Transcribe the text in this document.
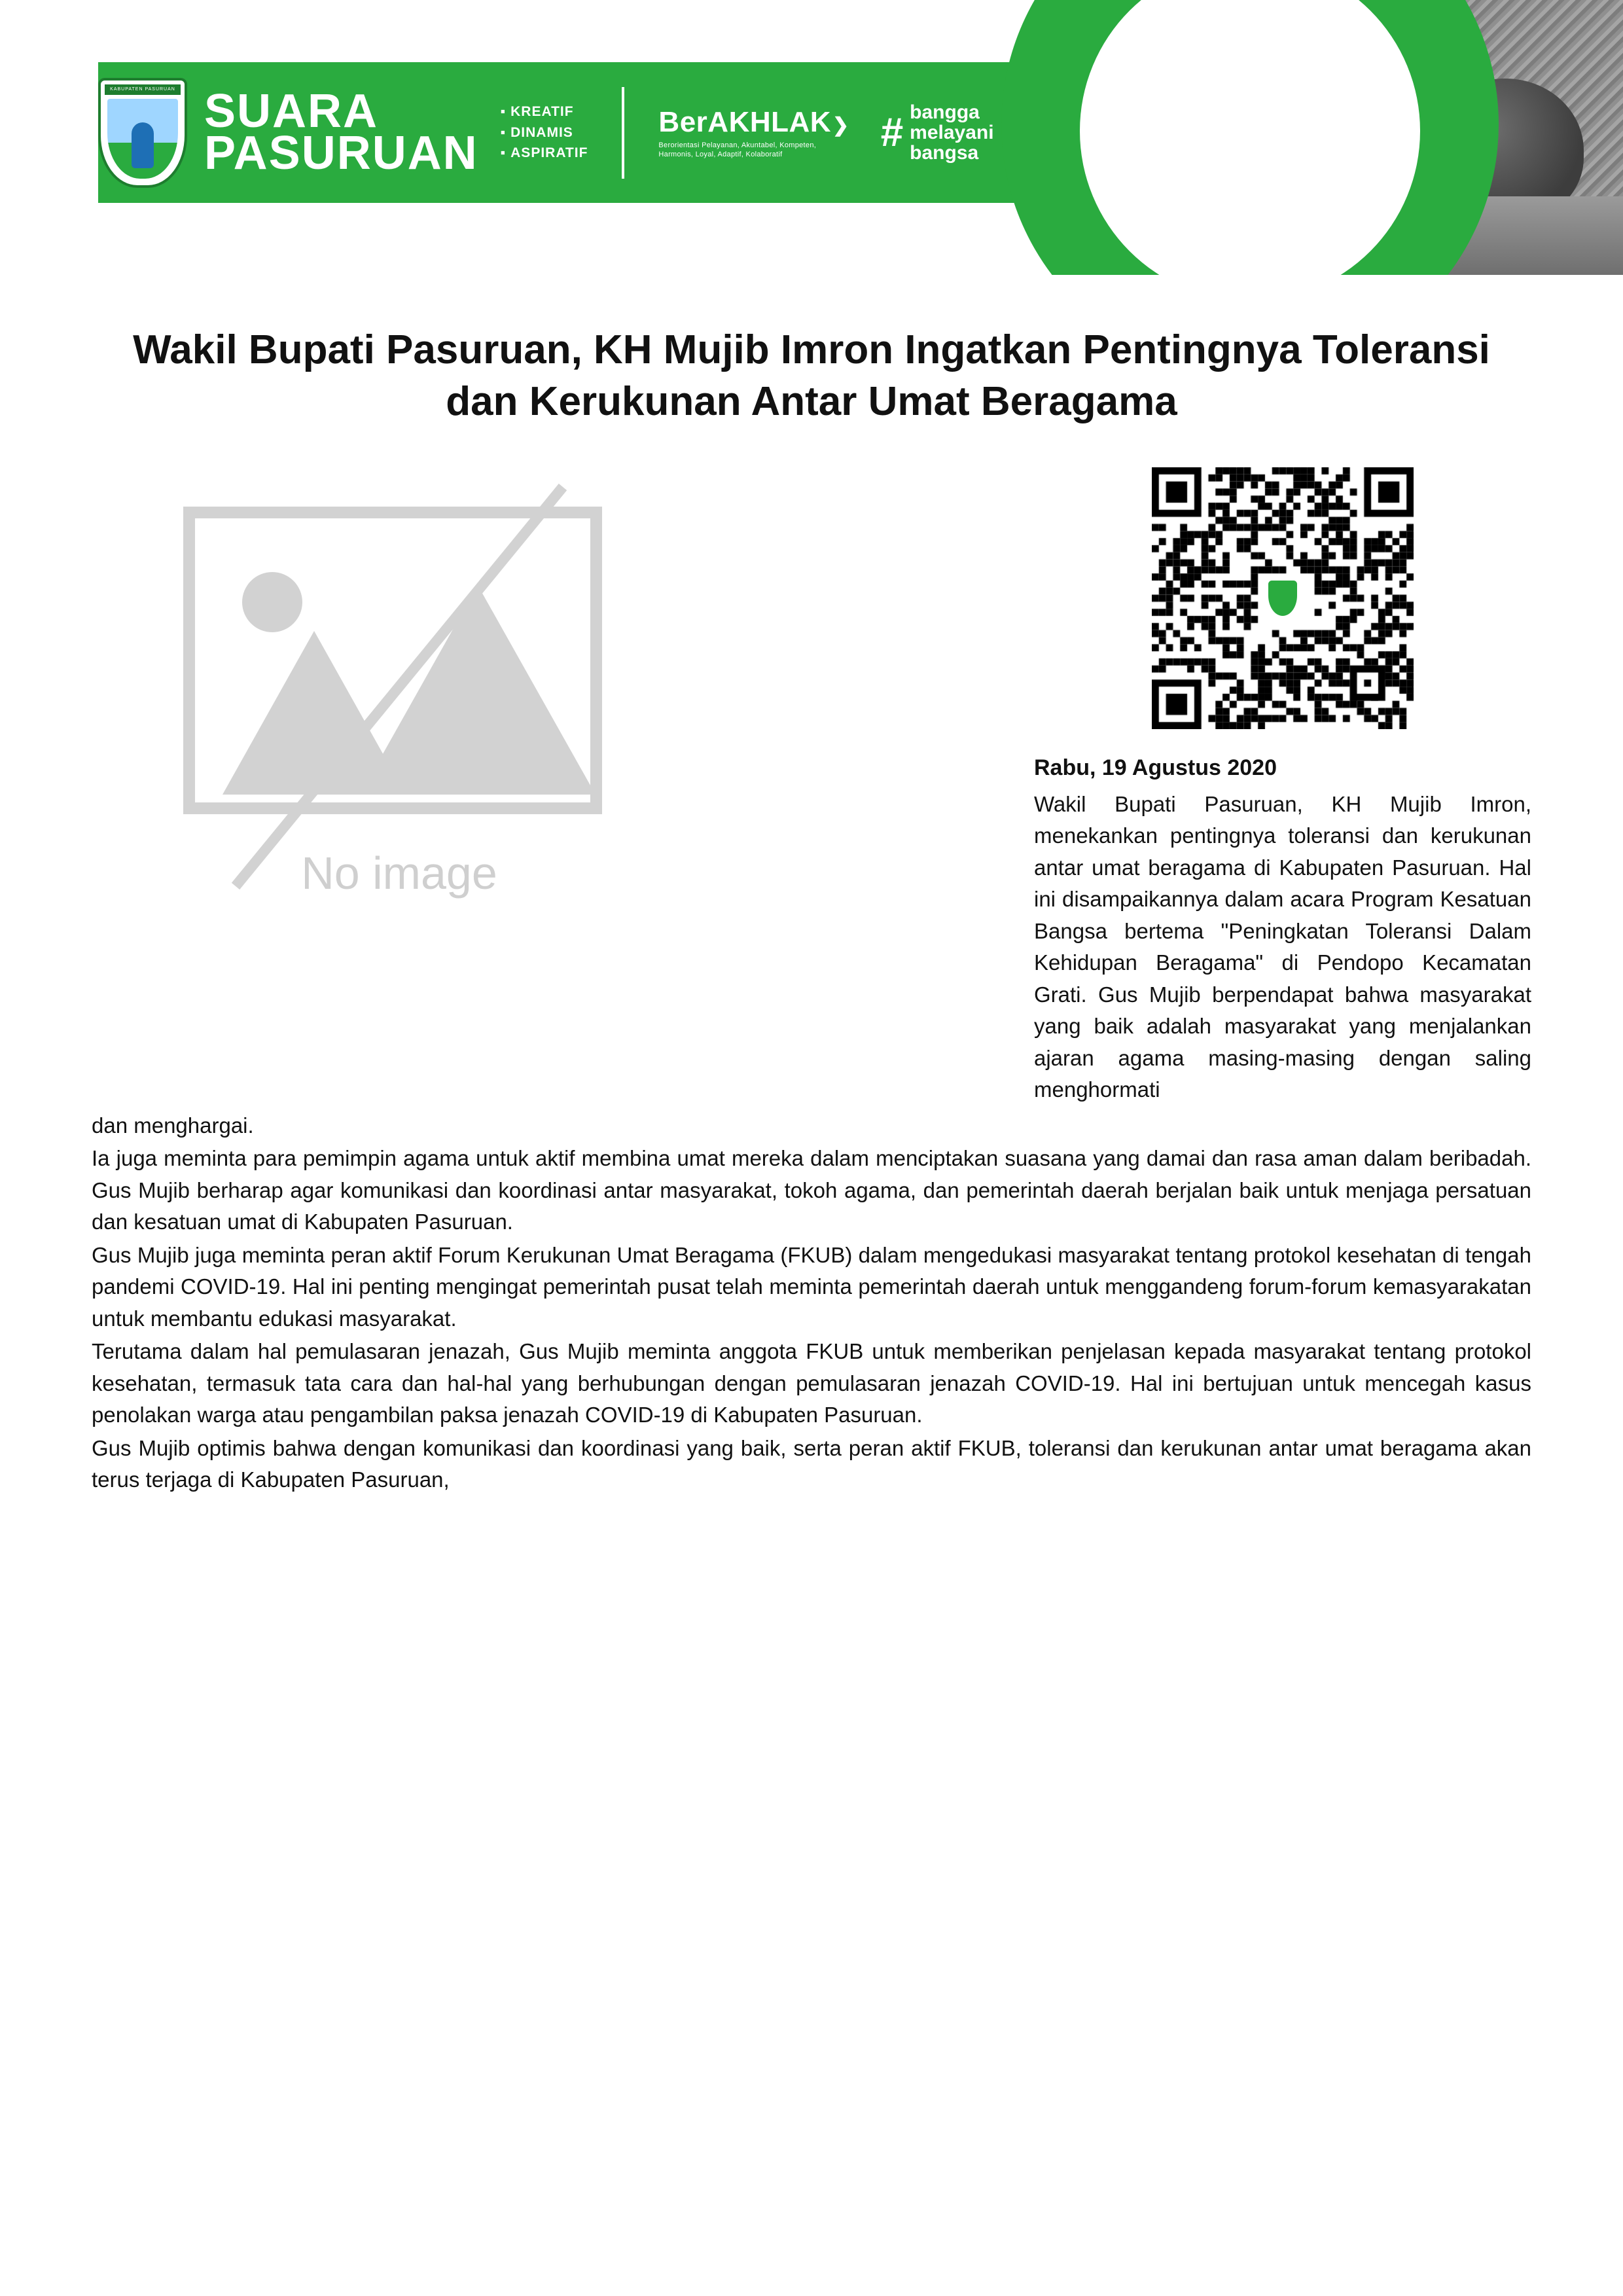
KABUPATEN PASURUAN SUARA
PASURUAN
▪ KREATIF
▪ DINAMIS
▪ ASPIRATIF
BerAKHLAK❯
Berorientasi Pelayanan, Akuntabel, Kompeten, Harmonis, Loyal, Adaptif, Kolaboratif	# bangga
melayani
bangsa
Wakil Bupati Pasuruan, KH Mujib Imron Ingatkan Pentingnya Toleransi dan Kerukunan Antar Umat Beragama
Rabu, 19 Agustus 2020
Wakil Bupati Pasuruan, KH Mujib Imron, menekankan pentingnya toleransi dan kerukunan antar umat beragama di Kabupaten Pasuruan. Hal ini disampaikannya dalam acara Program Kesatuan Bangsa bertema "Peningkatan Toleransi Dalam Kehidupan Beragama" di Pendopo Kecamatan Grati. Gus Mujib berpendapat bahwa masyarakat yang baik adalah masyarakat yang menjalankan ajaran agama masing-masing dengan saling menghormati
No image

dan menghargai.

Ia juga meminta para pemimpin agama untuk aktif membina umat mereka dalam menciptakan suasana yang damai dan rasa aman dalam beribadah. Gus Mujib berharap agar komunikasi dan koordinasi antar masyarakat, tokoh agama, dan pemerintah daerah berjalan baik untuk menjaga persatuan dan kesatuan umat di Kabupaten Pasuruan.

Gus Mujib juga meminta peran aktif Forum Kerukunan Umat Beragama (FKUB) dalam mengedukasi masyarakat tentang protokol kesehatan di tengah pandemi COVID-19. Hal ini penting mengingat pemerintah pusat telah meminta pemerintah daerah untuk menggandeng forum-forum kemasyarakatan untuk membantu edukasi masyarakat.

Terutama dalam hal pemulasaran jenazah, Gus Mujib meminta anggota FKUB untuk memberikan penjelasan kepada masyarakat tentang protokol kesehatan, termasuk tata cara dan hal-hal yang berhubungan dengan pemulasaran jenazah COVID-19. Hal ini bertujuan untuk mencegah kasus penolakan warga atau pengambilan paksa jenazah COVID-19 di Kabupaten Pasuruan.

Gus Mujib optimis bahwa dengan komunikasi dan koordinasi yang baik, serta peran aktif FKUB, toleransi dan kerukunan antar umat beragama akan terus terjaga di Kabupaten Pasuruan,
